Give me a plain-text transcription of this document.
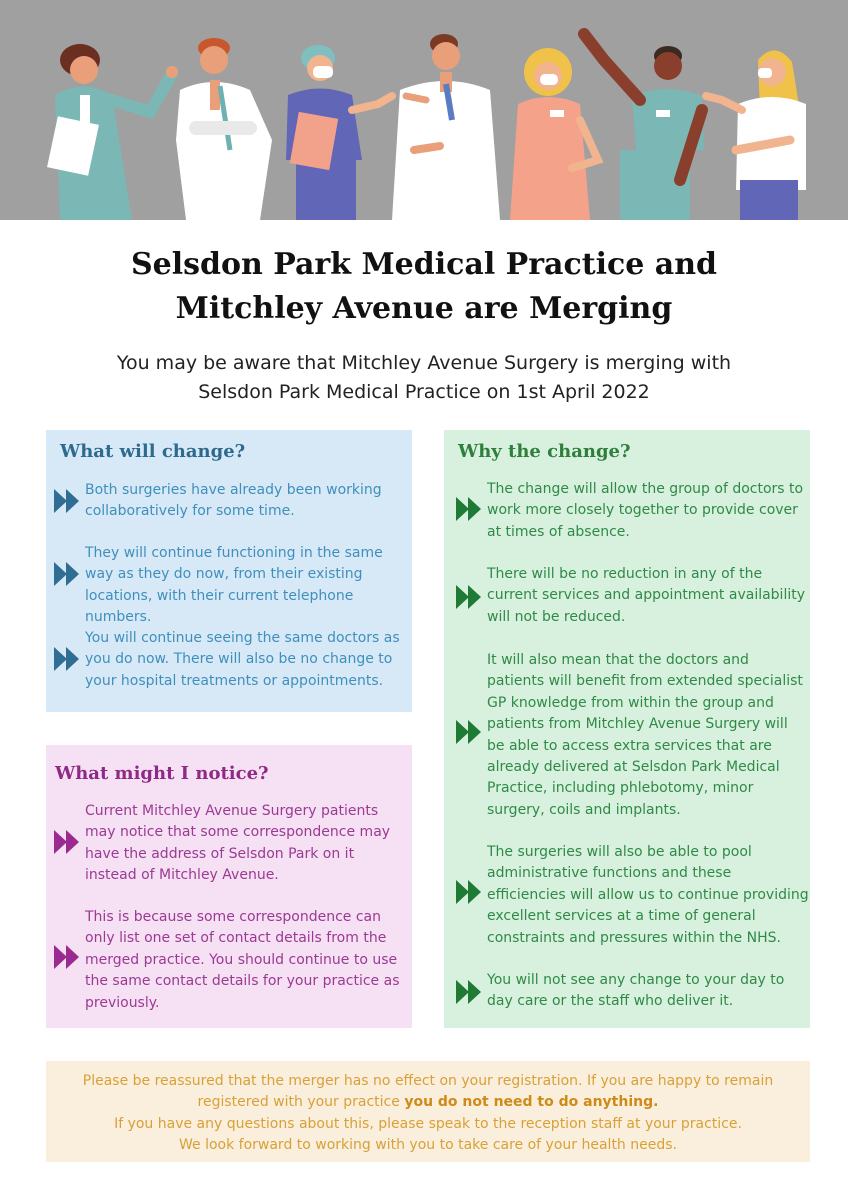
Selsdon Park Medical Practice and
Mitchley Avenue are Merging

You may be aware that Mitchley Avenue Surgery is merging with
Selsdon Park Medical Practice on 1st April 2022

What will change?

Both surgeries have already been working collaboratively for some time.

They will continue functioning in the same way as they do now, from their existing locations, with their current telephone numbers.

You will continue seeing the same doctors as you do now. There will also be no change to your hospital treatments or appointments.

What might I notice?

Current Mitchley Avenue Surgery patients may notice that some correspondence may have the address of Selsdon Park on it instead of Mitchley Avenue.

This is because some correspondence can only list one set of contact details from the merged practice. You should continue to use the same contact details for your practice as previously.

Why the change?

The change will allow the group of doctors to work more closely together to provide cover at times of absence.

There will be no reduction in any of the current services and appointment availability will not be reduced.

It will also mean that the doctors and patients will benefit from extended specialist GP knowledge from within the group and patients from Mitchley Avenue Surgery will be able to access extra services that are already delivered at Selsdon Park Medical Practice, including phlebotomy, minor surgery, coils and implants.

The surgeries will also be able to pool administrative functions and these efficiencies will allow us to continue providing excellent services at a time of general constraints and pressures within the NHS.

You will not see any change to your day to day care or the staff who deliver it.

Please be reassured that the merger has no effect on your registration. If you are happy to remain registered with your practice you do not need to do anything.

If you have any questions about this, please speak to the reception staff at your practice.

We look forward to working with you to take care of your health needs.
